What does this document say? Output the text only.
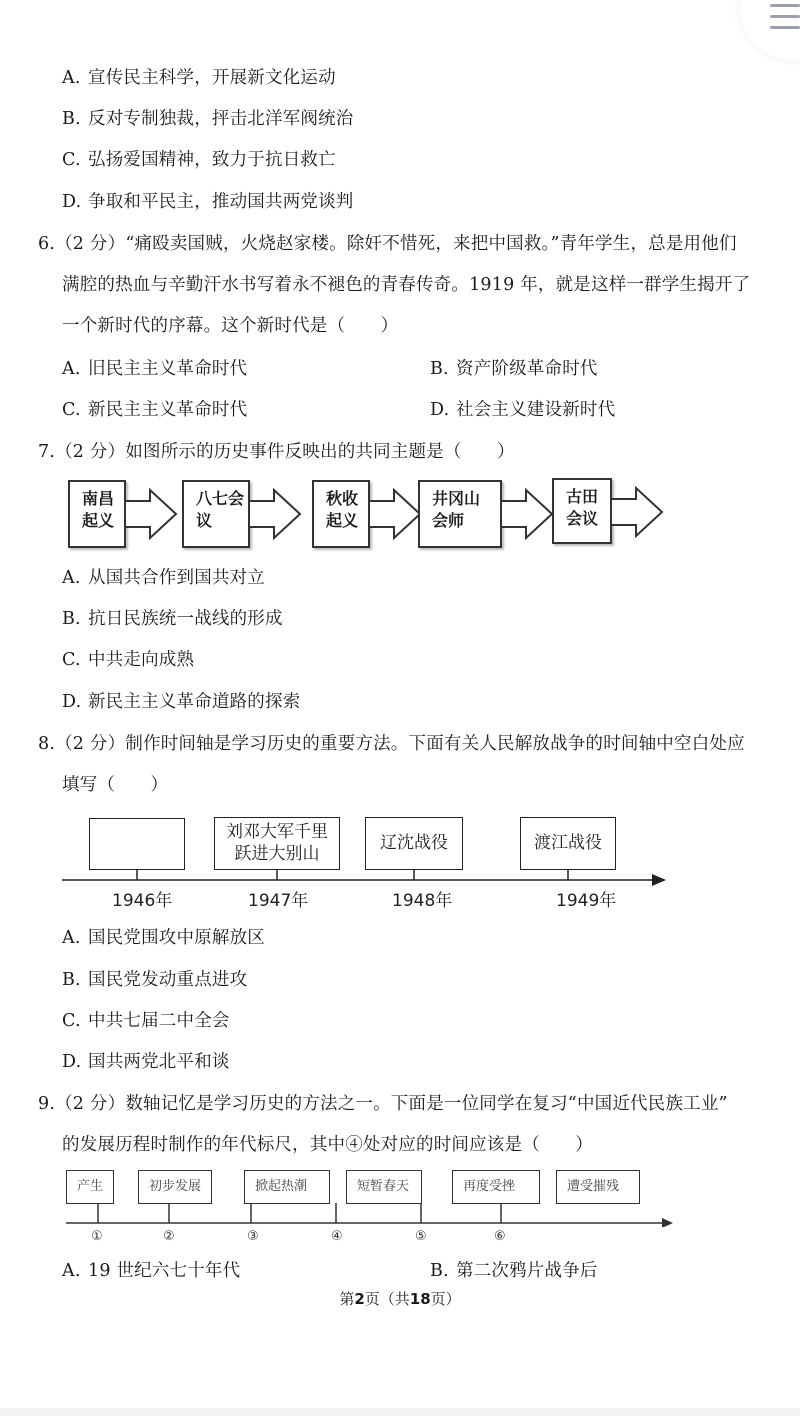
A. 宣传民主科学，开展新文化运动
B. 反对专制独裁，抨击北洋军阀统治
C. 弘扬爱国精神，致力于抗日救亡
D. 争取和平民主，推动国共两党谈判
6.（2 分）“痛殴卖国贼，火烧赵家楼。除奸不惜死，来把中国救。”青年学生，总是用他们
满腔的热血与辛勤汗水书写着永不褪色的青春传奇。1919 年，就是这样一群学生揭开了
一个新时代的序幕。这个新时代是（　　）
A. 旧民主主义革命时代	B. 资产阶级革命时代
C. 新民主主义革命时代	D. 社会主义建设新时代
7.（2 分）如图所示的历史事件反映出的共同主题是（　　）
南昌
起义
八七会
议
秋收
起义
井冈山
会师
古田
会议
A. 从国共合作到国共对立
B. 抗日民族统一战线的形成
C. 中共走向成熟
D. 新民主主义革命道路的探索
8.（2 分）制作时间轴是学习历史的重要方法。下面有关人民解放战争的时间轴中空白处应
填写（　　）
刘邓大军千里
跃进大别山
辽沈战役	渡江战役
1946年	1947年	1948年	1949年
A. 国民党围攻中原解放区
B. 国民党发动重点进攻
C. 中共七届二中全会
D. 国共两党北平和谈
9.（2 分）数轴记忆是学习历史的方法之一。下面是一位同学在复习“中国近代民族工业”
的发展历程时制作的年代标尺，其中④处对应的时间应该是（　　）
产生	初步发展	掀起热潮	短暂春天	再度受挫	遭受摧残
①	②	③	④	⑤	⑥
A. 19 世纪六七十年代	B. 第二次鸦片战争后
第2页（共18页）
